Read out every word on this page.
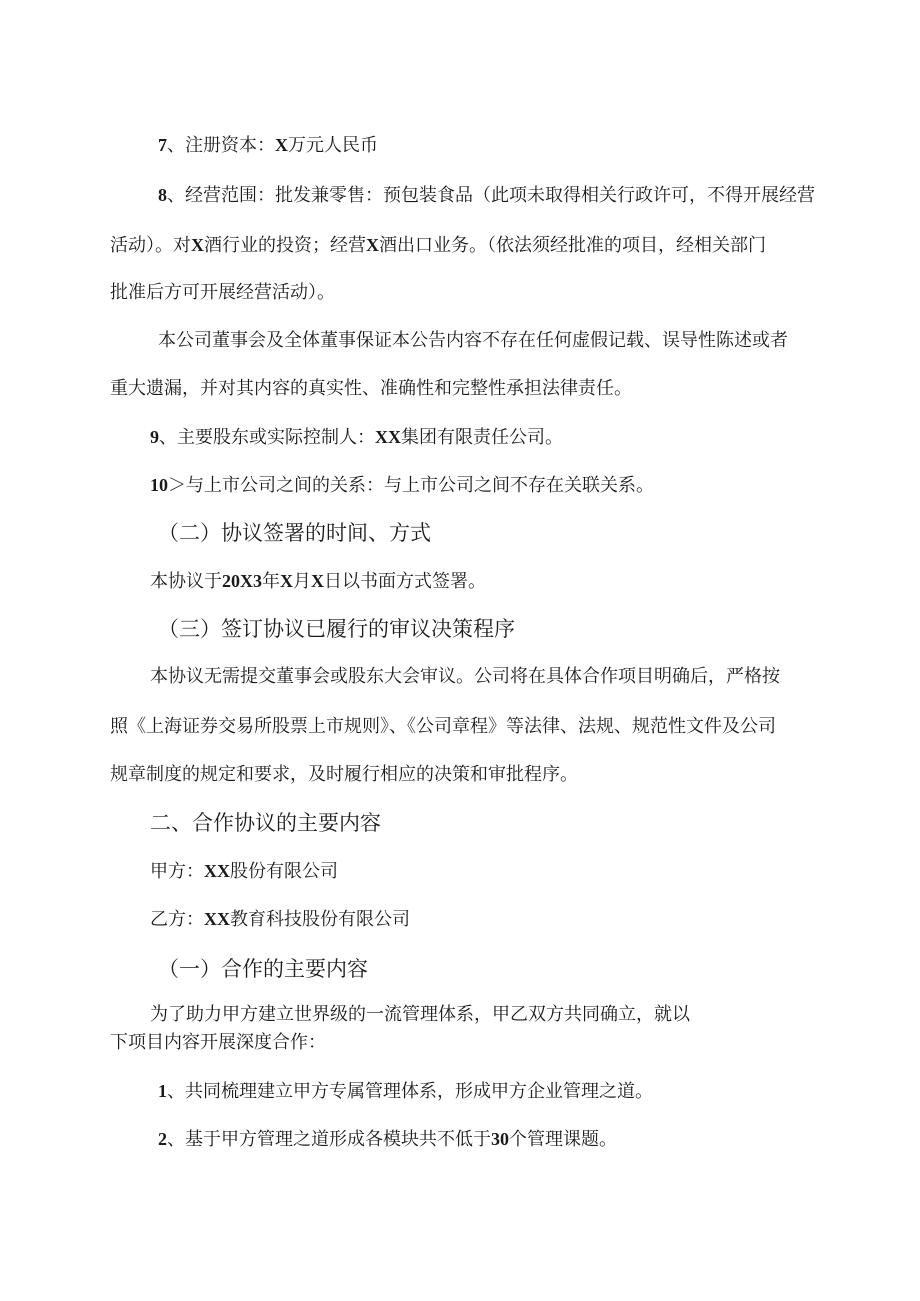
7、注册资本：X万元人民币

8、经营范围：批发兼零售：预包装食品（此项未取得相关行政许可，不得开展经营

活动）。对X酒行业的投资；经营X酒出口业务。（依法须经批准的项目，经相关部门

批准后方可开展经营活动）。

本公司董事会及全体董事保证本公告内容不存在任何虚假记载、误导性陈述或者

重大遗漏，并对其内容的真实性、准确性和完整性承担法律责任。

9、主要股东或实际控制人：XX集团有限责任公司。

10＞与上市公司之间的关系：与上市公司之间不存在关联关系。

（二）协议签署的时间、方式

本协议于20X3年X月X日以书面方式签署。

（三）签订协议已履行的审议决策程序

本协议无需提交董事会或股东大会审议。公司将在具体合作项目明确后，严格按

照《上海证券交易所股票上市规则》、《公司章程》等法律、法规、规范性文件及公司

规章制度的规定和要求，及时履行相应的决策和审批程序。

二、合作协议的主要内容

甲方：XX股份有限公司

乙方：XX教育科技股份有限公司

（一）合作的主要内容

为了助力甲方建立世界级的一流管理体系，甲乙双方共同确立，就以

下项目内容开展深度合作：

1、共同梳理建立甲方专属管理体系，形成甲方企业管理之道。

2、基于甲方管理之道形成各模块共不低于30个管理课题。
